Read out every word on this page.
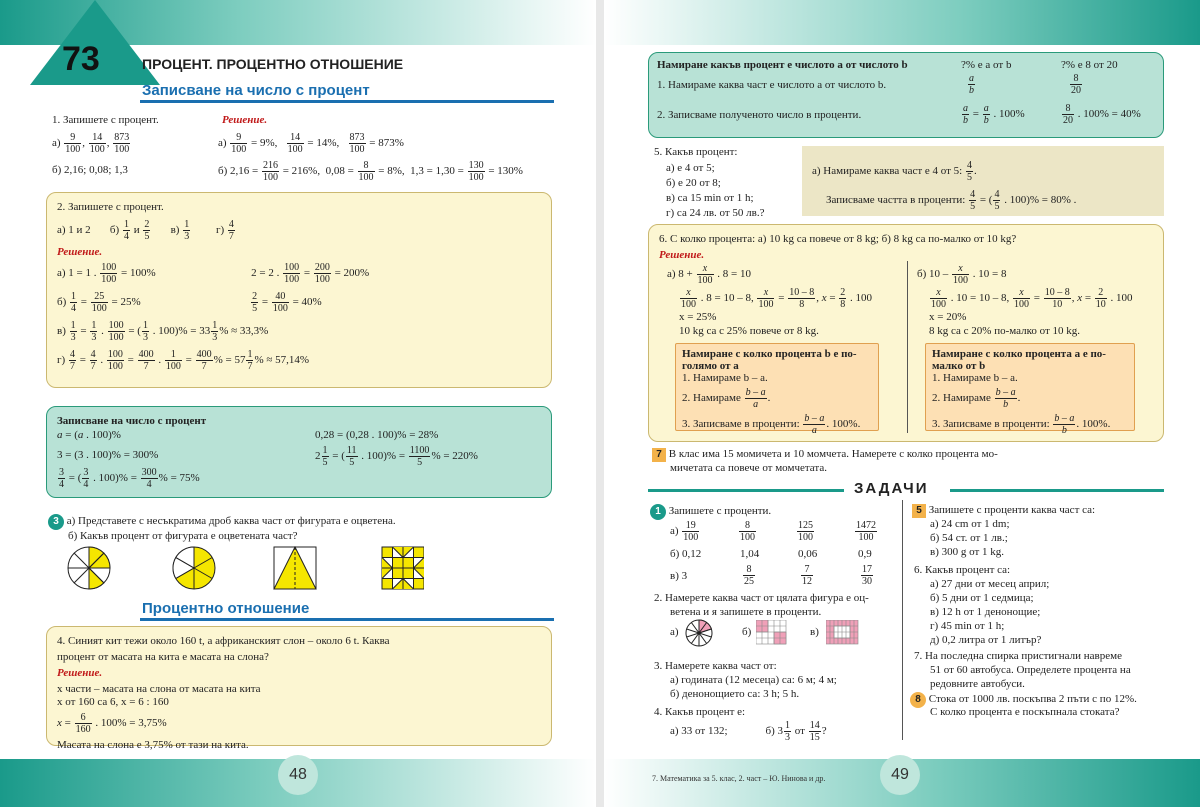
73	ПРОЦЕНТ. ПРОЦЕНТНО ОТНОШЕНИЕ
Записване на число с процент
1. Запишете с процент.
$а) \frac{9}{100}$ , $\frac{14}{100}$ , $\frac{873}{100}$
б) 2,16; 0,08; 1,3
Решение.
$а) \frac{9}{100} = 9\%$, $\frac{14}{100} = 14\%$, $\frac{873}{100} = 873\%$
б) $2,16 = \frac{216}{100} = 216\%$,  $0,08 = \frac{8}{100} = 8\%$,  $1,3 = 1,30 = \frac{130}{100} = 130\%$
2. Запишете с процент.
а) 1 и 2       $б) \frac{1}{4}$ и $\frac{2}{5} в) \frac{1}{3} г) \frac{4}{7}$
Решение.
а) 1 = 1 . $\frac{100}{100} = 100\%$	2 = 2 . $\frac{100}{100} = \frac{200}{100} = 200\%$
$б) \frac{1}{4} = \frac{25}{100} = 25\%$	$\frac{2}{5} = \frac{40}{100} = 40\%$
$в) \frac{1}{3} = \frac{1}{3}$ . $\frac{100}{100}$ = ( $\frac{1}{3}$ . $100)\% = 33 \frac{1}{3}$ % ≈ 33,3%
$г) \frac{4}{7} = \frac{4}{7}$ . $\frac{100}{100} = \frac{400}{7}$ . $\frac{1}{100} = \frac{400}{7}$ % = $57 \frac{1}{7}$ % ≈ 57,14%
Записване на число с процент
a = (a . 100)%	0,28 = (0,28 . 100)% = 28%
3 = (3 . 100)% = 300%	$2 \frac{1}{5}$ = ( $\frac{11}{5}$ . $100)\% = \frac{1100}{5}$ % = 220%
$\frac{3}{4}$ = ( $\frac{3}{4}$ . $100)\% = \frac{300}{4}$ % = 75%
3 а) Представете с несъкратима дроб каква част от фигурата е оцветена.
б) Какъв процент от фигурата е оцветената част?
Процентно отношение
4. Синият кит тежи около 160 t, а африканският слон – около 6 t. Каква
процент от масата на кита е масата на слона?
Решение.
x части – масата на слона от масата на кита
x от 160 са 6, x = 6 : 160
$x = \frac{6}{160}$ . 100% = 3,75%
Масата на слона е 3,75% от тази на кита.
48
Намиране какъв процент е числото a от числото b	?% е a от b	?% е 8 от 20
1. Намираме каква част е числото a от числото b.	$\frac{a}{b}$	$\frac{8}{20}$
2. Записваме полученото число в проценти.	$\frac{a}{b} = \frac{a}{b}$ . 100%	$\frac{8}{20}$ . 100% = 40%
5. Какъв процент:
а) е 4 от 5;
б) е 20 от 8;
в) са 15 min от 1 h;
г) са 24 лв. от 50 лв.?
а) Намираме каква част е 4 от 5: $\frac{4}{5}$ .
Записваме частта в проценти: $\frac{4}{5}$ = ( $\frac{4}{5}$ . 100)% = 80% .
6. С колко процента: а) 10 kg са повече от 8 kg; б) 8 kg са по-малко от 10 kg?
Решение.
а) $8 + \frac{x}{100}$ . 8 = 10
$\frac{x}{100}$ . 8 = 10 – 8, $\frac{x}{100} = \frac{10 - 8}{8}$ , $x = \frac{2}{8}$ . 100
x = 25%
10 kg са с 25% повече от 8 kg.
б) $10 - \frac{x}{100}$ . 10 = 8
$\frac{x}{100}$ . 10 = 10 – 8, $\frac{x}{100} = \frac{10 - 8}{10}$ , $x = \frac{2}{10}$ . 100
x = 20%
8 kg са с 20% по-малко от 10 kg.
Намиране с колко процента b е по-голямо от a
1. Намираме b – a.
2. Намираме $\frac{b - a}{a}$ .
3. Записваме в проценти: $\frac{b - a}{a}$ . 100%.
Намиране с колко процента a е по-малко от b
1. Намираме b – a.
2. Намираме $\frac{b - a}{b}$ .
3. Записваме в проценти: $\frac{b - a}{b}$ . 100%.
7 В клас има 15 момичета и 10 момчета. Намерете с колко процента мо-
мичетата са повече от момчетата.
ЗАДАЧИ
1 Запишете с проценти.
$а) \frac{19}{100}$	$\frac{8}{100}$	$\frac{125}{100}$	$\frac{1472}{100}$
б) 0,12	1,04	0,06	0,9
в) 3	$\frac{8}{25}$	$\frac{7}{12}$	$\frac{17}{30}$
2. Намерете каква част от цялата фигура е оц-
ветена и я запишете в проценти.
а)	б)	в)
3. Намерете каква част от:
а) годината (12 месеца) са: 6 м; 4 м;
б) денонощието са: 3 h; 5 h.
4. Какъв процент е:
а) 33 от 132;	б) $3 \frac{1}{3}$ от $\frac{14}{15}$ ?
5 Запишете с проценти каква част са:
а) 24 cm от 1 dm;
б) 54 ст. от 1 лв.;
в) 300 g от 1 kg.
6. Какъв процент са:
а) 27 дни от месец април;
б) 5 дни от 1 седмица;
в) 12 h от 1 денонощие;
г) 45 min от 1 h;
д) 0,2 литра от 1 литър?
7. На последна спирка пристигнали навреме
51 от 60 автобуса. Определете процента на
редовните автобуси.
8 Стока от 1000 лв. поскъпва 2 пъти с по 12%.
С колко процента е поскъпнала стоката?
7. Математика за 5. клас, 2. част – Ю. Нинова и др.	49
